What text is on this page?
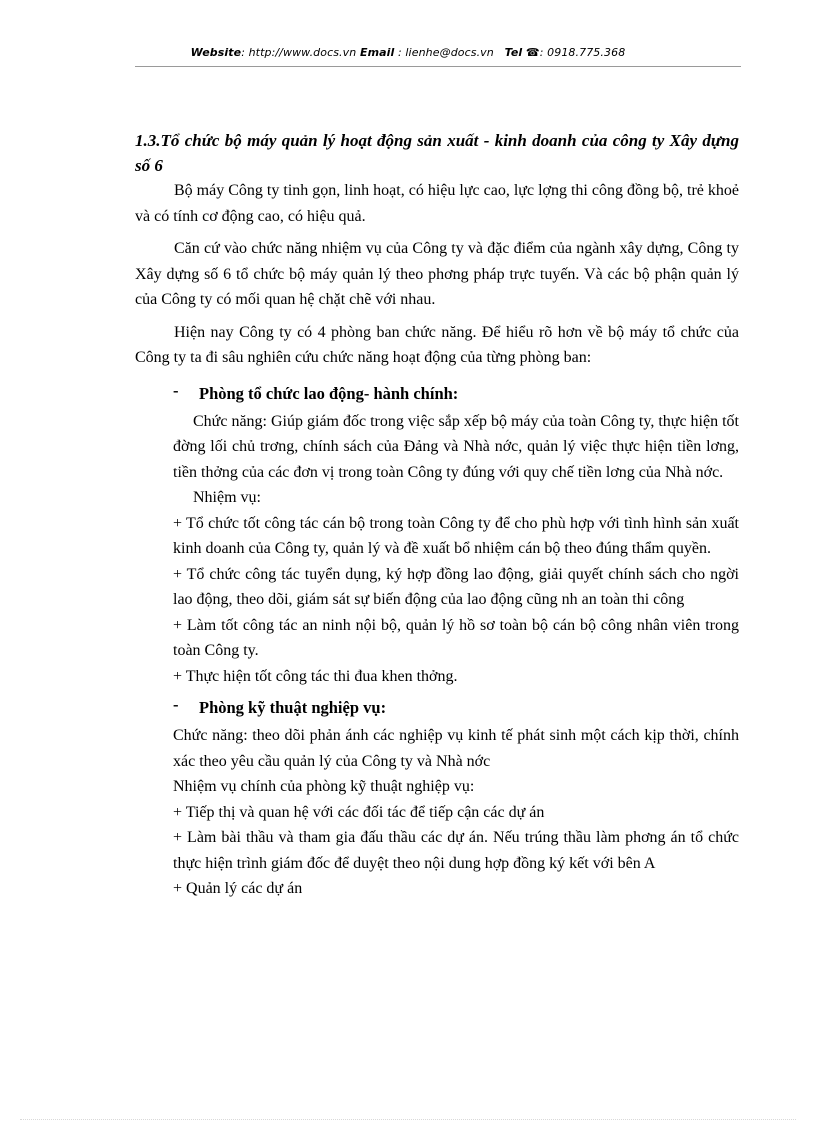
Website: http://www.docs.vn Email : lienhe@docs.vn Tel ☎: 0918.775.368

1.3.Tổ chức bộ máy quản lý hoạt động sản xuất - kinh doanh của công ty Xây dựng số 6

Bộ máy Công ty tinh gọn, linh hoạt, có hiệu lực cao, lực lợng thi công đồng bộ, trẻ khoẻ và có tính cơ động cao, có hiệu quả.

Căn cứ vào chức năng nhiệm vụ của Công ty và đặc điểm của ngành xây dựng, Công ty Xây dựng số 6 tổ chức bộ máy quản lý theo phơng pháp trực tuyến. Và các bộ phận quản lý của Công ty có mối quan hệ chặt chẽ với nhau.

Hiện nay Công ty có 4 phòng ban chức năng. Để hiểu rõ hơn về bộ máy tổ chức của Công ty ta đi sâu nghiên cứu chức năng hoạt động của từng phòng ban:

- Phòng tổ chức lao động- hành chính:

Chức năng: Giúp giám đốc trong việc sắp xếp bộ máy của toàn Công ty, thực hiện tốt đờng lối chủ trơng, chính sách của Đảng và Nhà nớc, quản lý việc thực hiện tiền lơng, tiền thởng của các đơn vị trong toàn Công ty đúng với quy chế tiền lơng của Nhà nớc.

Nhiệm vụ:

+ Tổ chức tốt công tác cán bộ trong toàn Công ty để cho phù hợp với tình hình sản xuất kinh doanh của Công ty, quản lý và đề xuất bổ nhiệm cán bộ theo đúng thẩm quyền.

+ Tổ chức công tác tuyển dụng, ký hợp đồng lao động, giải quyết chính sách cho ngời lao động, theo dõi, giám sát sự biến động của lao động cũng nh an toàn thi công

+ Làm tốt công tác an ninh nội bộ, quản lý hồ sơ toàn bộ cán bộ công nhân viên trong toàn Công ty.

+ Thực hiện tốt công tác thi đua khen thởng.

- Phòng kỹ thuật nghiệp vụ:

Chức năng: theo dõi phản ánh các nghiệp vụ kinh tế phát sinh một cách kịp thời, chính xác theo yêu cầu quản lý của Công ty và Nhà nớc

Nhiệm vụ chính của phòng kỹ thuật nghiệp vụ:

+ Tiếp thị và quan hệ với các đối tác để tiếp cận các dự án

+ Làm bài thầu và tham gia đấu thầu các dự án. Nếu trúng thầu làm phơng án tổ chức thực hiện trình giám đốc để duyệt theo nội dung hợp đồng ký kết với bên A

+ Quản lý các dự án
